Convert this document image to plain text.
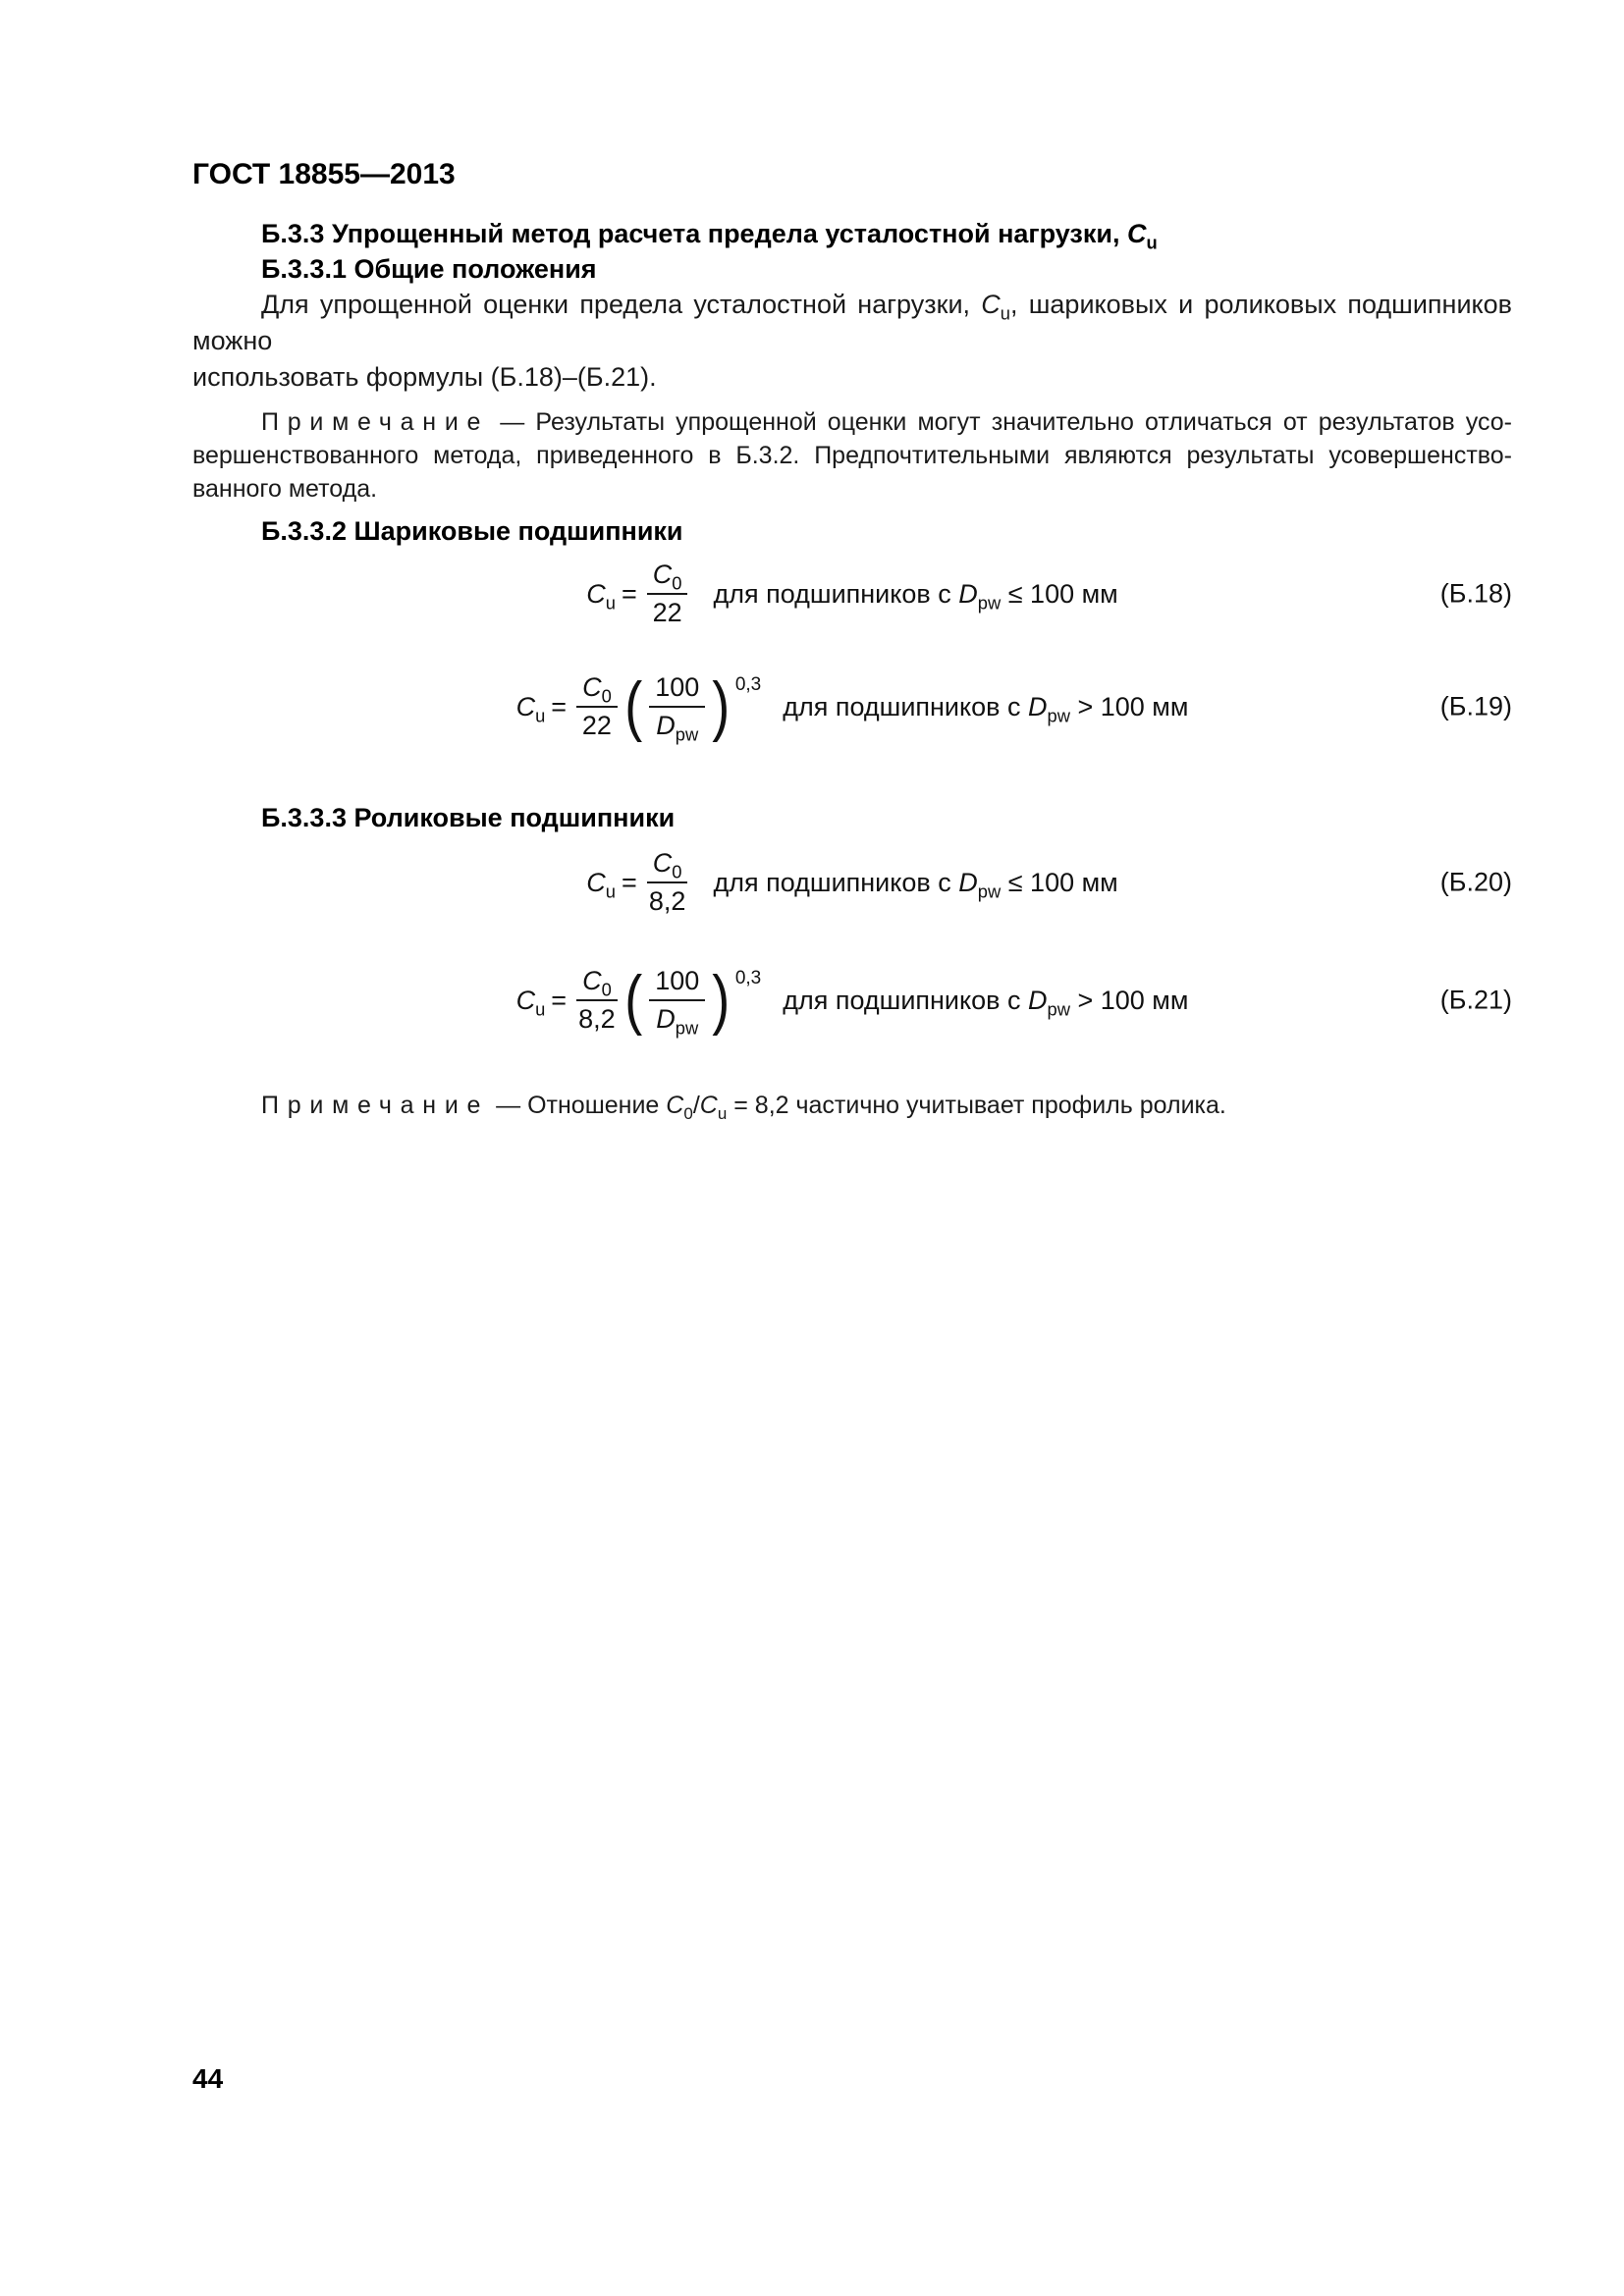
ГОСТ 18855—2013
Б.3.3 Упрощенный метод расчета предела усталостной нагрузки, $C_u$
Б.3.3.1 Общие положения
Для упрощенной оценки предела усталостной нагрузки, $C_u$, шариковых и роликовых подшипников можно
использовать формулы (Б.18)–(Б.21).
Примечание — Результаты упрощенной оценки могут значительно отличаться от результатов усо-
вершенствованного метода, приведенного в Б.3.2. Предпочтительными являются результаты усовершенство-
ванного метода.
Б.3.3.2 Шариковые подшипники
$C_u = \frac{C_0}{22}$ для подшипников с $D_{pw} \le 100$ мм	(Б.18)
$C_u = \frac{C_0}{22}$ ( $\frac{100}{D_{pw}}$ ) 0,3
для подшипников с $D_{pw} > 100$ мм	(Б.19)
Б.3.3.3 Роликовые подшипники
$C_u = \frac{C_0}{8,2}$ для подшипников с $D_{pw} \le 100$ мм	(Б.20)
$C_u = \frac{C_0}{8,2}$ ( $\frac{100}{D_{pw}}$ ) 0,3
для подшипников с $D_{pw} > 100$ мм	(Б.21)
Примечание — Отношение $C_0/C_u = 8,2$ частично учитывает профиль ролика.
44
